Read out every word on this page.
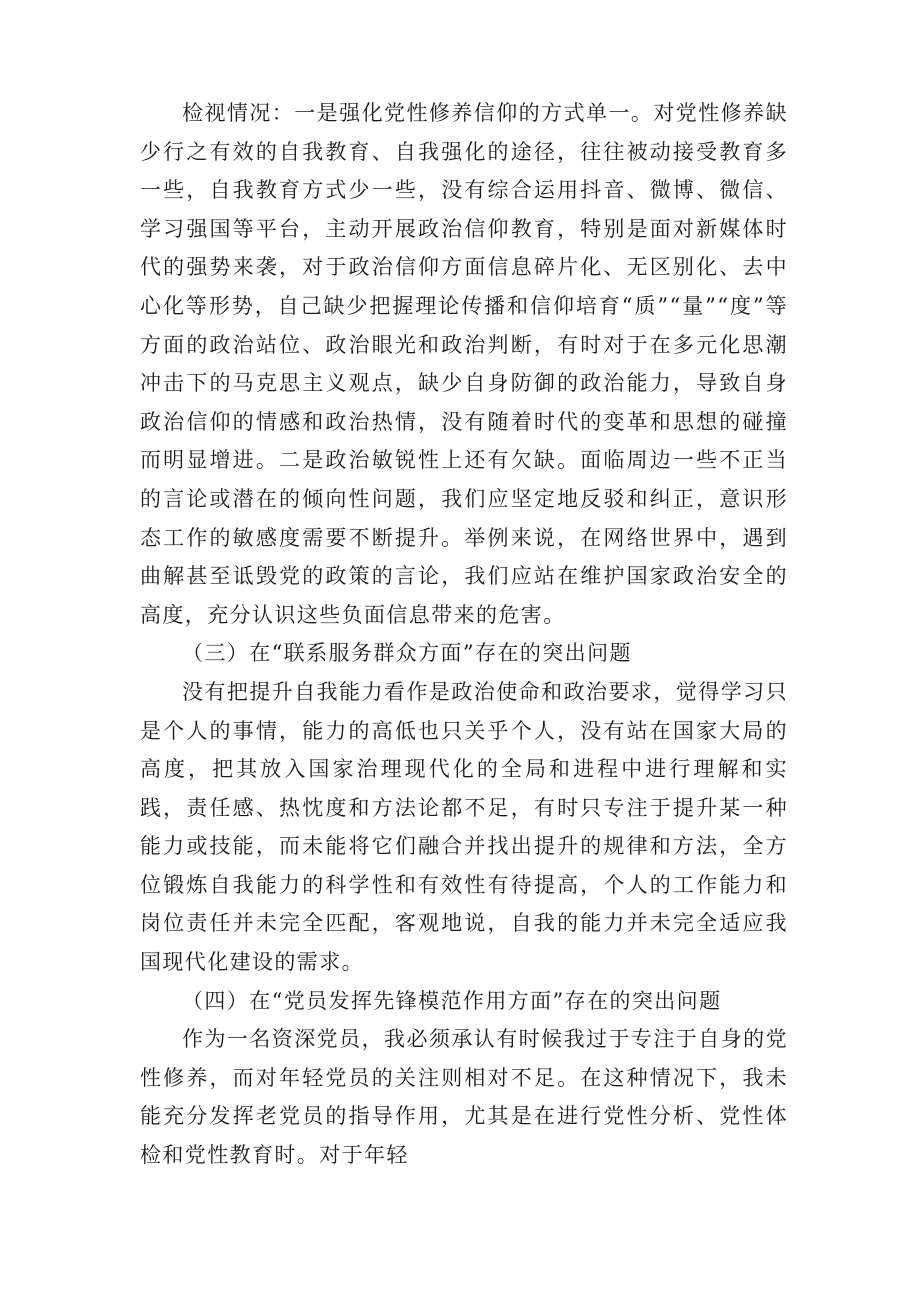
检视情况：一是强化党性修养信仰的方式单一。对党性修养缺少行之有效的自我教育、自我强化的途径，往往被动接受教育多一些，自我教育方式少一些，没有综合运用抖音、微博、微信、学习强国等平台，主动开展政治信仰教育，特别是面对新媒体时代的强势来袭，对于政治信仰方面信息碎片化、无区别化、去中心化等形势，自己缺少把握理论传播和信仰培育“质”“量”“度”等方面的政治站位、政治眼光和政治判断，有时对于在多元化思潮冲击下的马克思主义观点，缺少自身防御的政治能力，导致自身政治信仰的情感和政治热情，没有随着时代的变革和思想的碰撞而明显增进。二是政治敏锐性上还有欠缺。面临周边一些不正当的言论或潜在的倾向性问题，我们应坚定地反驳和纠正，意识形态工作的敏感度需要不断提升。举例来说，在网络世界中，遇到曲解甚至诋毁党的政策的言论，我们应站在维护国家政治安全的高度，充分认识这些负面信息带来的危害。

（三）在“联系服务群众方面”存在的突出问题

没有把提升自我能力看作是政治使命和政治要求，觉得学习只是个人的事情，能力的高低也只关乎个人，没有站在国家大局的高度，把其放入国家治理现代化的全局和进程中进行理解和实践，责任感、热忱度和方法论都不足，有时只专注于提升某一种能力或技能，而未能将它们融合并找出提升的规律和方法，全方位锻炼自我能力的科学性和有效性有待提高，个人的工作能力和岗位责任并未完全匹配，客观地说，自我的能力并未完全适应我国现代化建设的需求。

（四）在“党员发挥先锋模范作用方面”存在的突出问题

作为一名资深党员，我必须承认有时候我过于专注于自身的党性修养，而对年轻党员的关注则相对不足。在这种情况下，我未能充分发挥老党员的指导作用，尤其是在进行党性分析、党性体检和党性教育时。对于年轻
